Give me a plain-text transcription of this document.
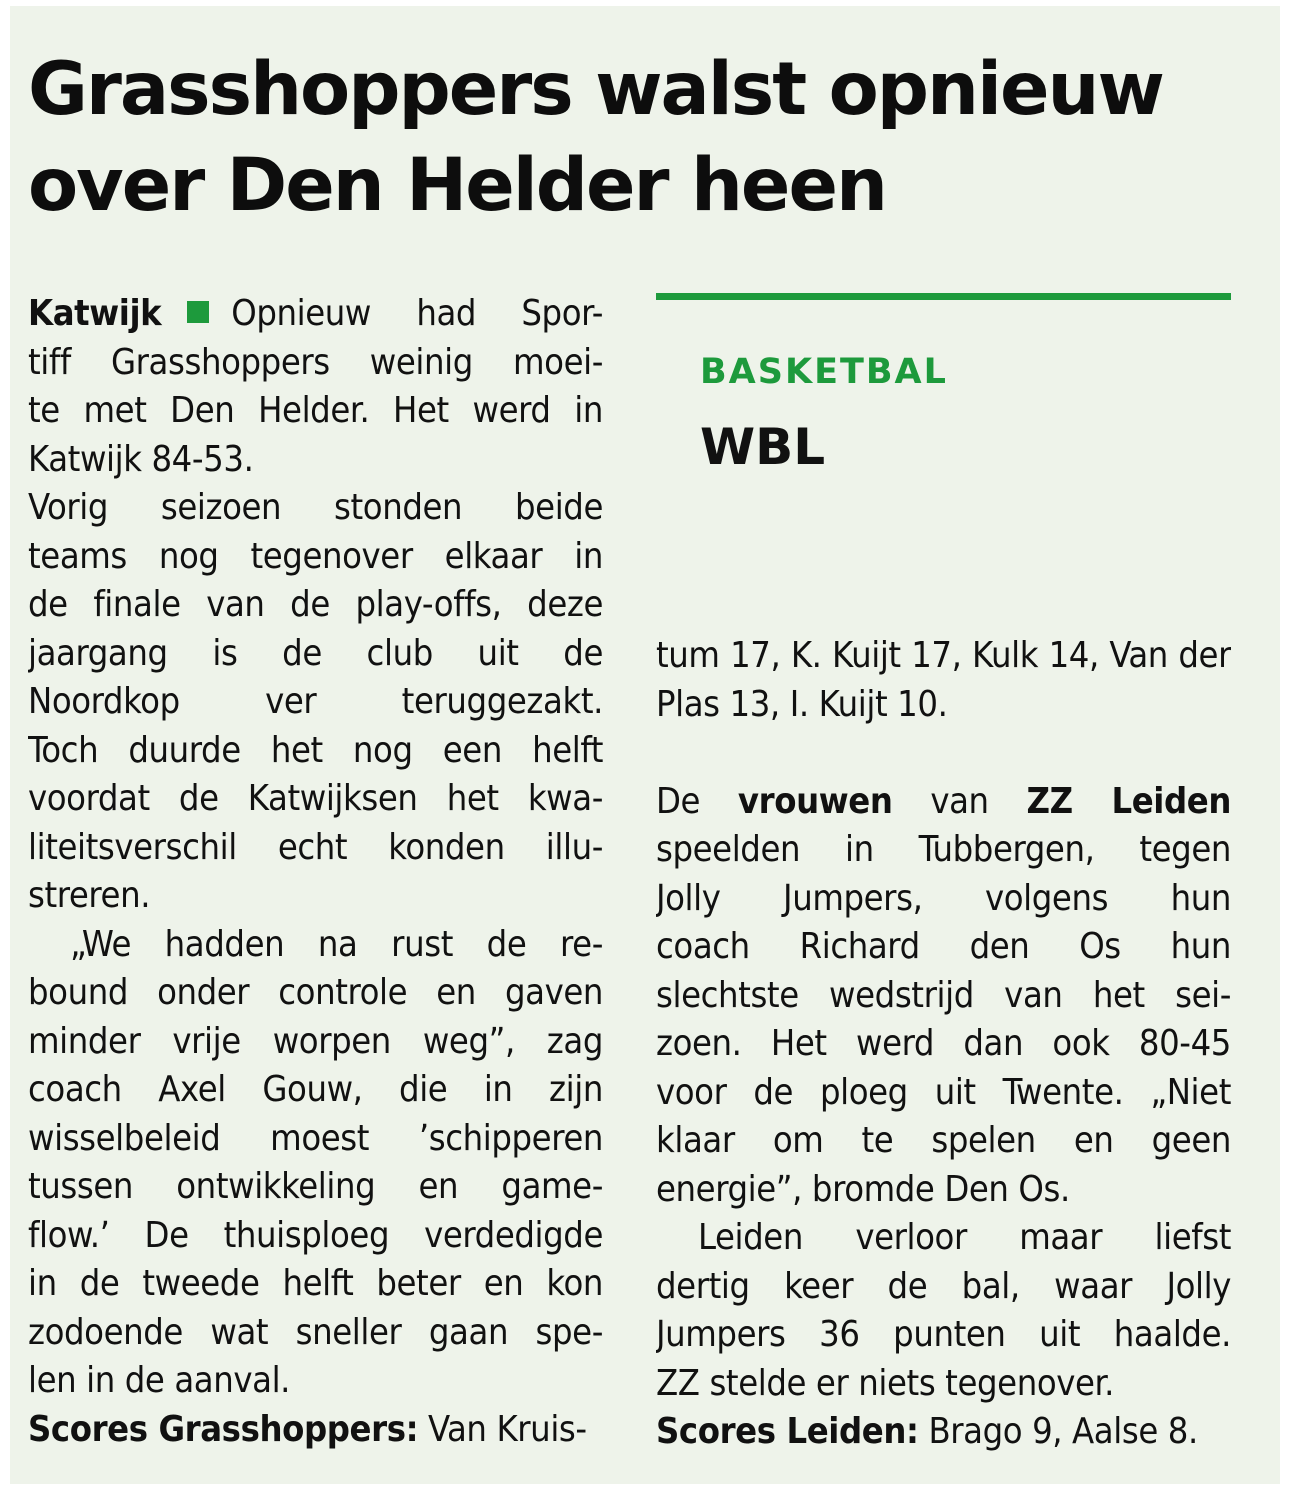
Grasshoppers walst opnieuw
over Den Helder heen
Katwijk Opnieuw had Spor-
tiff Grasshoppers weinig moei-
te met Den Helder. Het werd in
Katwijk 84-53.
Vorig seizoen stonden beide
teams nog tegenover elkaar in
de finale van de play-offs, deze
jaargang is de club uit de
Noordkop ver teruggezakt.
Toch duurde het nog een helft
voordat de Katwijksen het kwa-
liteitsverschil echt konden illu-
streren.
„We hadden na rust de re-
bound onder controle en gaven
minder vrije worpen weg”, zag
coach Axel Gouw, die in zijn
wisselbeleid moest ’schipperen
tussen ontwikkeling en game-
flow.’ De thuisploeg verdedigde
in de tweede helft beter en kon
zodoende wat sneller gaan spe-
len in de aanval.
Scores Grasshoppers: Van Kruis-
BASKETBAL
WBL
tum 17, K. Kuijt 17, Kulk 14, Van der
Plas 13, I. Kuijt 10.
De vrouwen van ZZ Leiden
speelden in Tubbergen, tegen
Jolly Jumpers, volgens hun
coach Richard den Os hun
slechtste wedstrijd van het sei-
zoen. Het werd dan ook 80-45
voor de ploeg uit Twente. „Niet
klaar om te spelen en geen
energie”, bromde Den Os.
Leiden verloor maar liefst
dertig keer de bal, waar Jolly
Jumpers 36 punten uit haalde.
ZZ stelde er niets tegenover.
Scores Leiden: Brago 9, Aalse 8.
